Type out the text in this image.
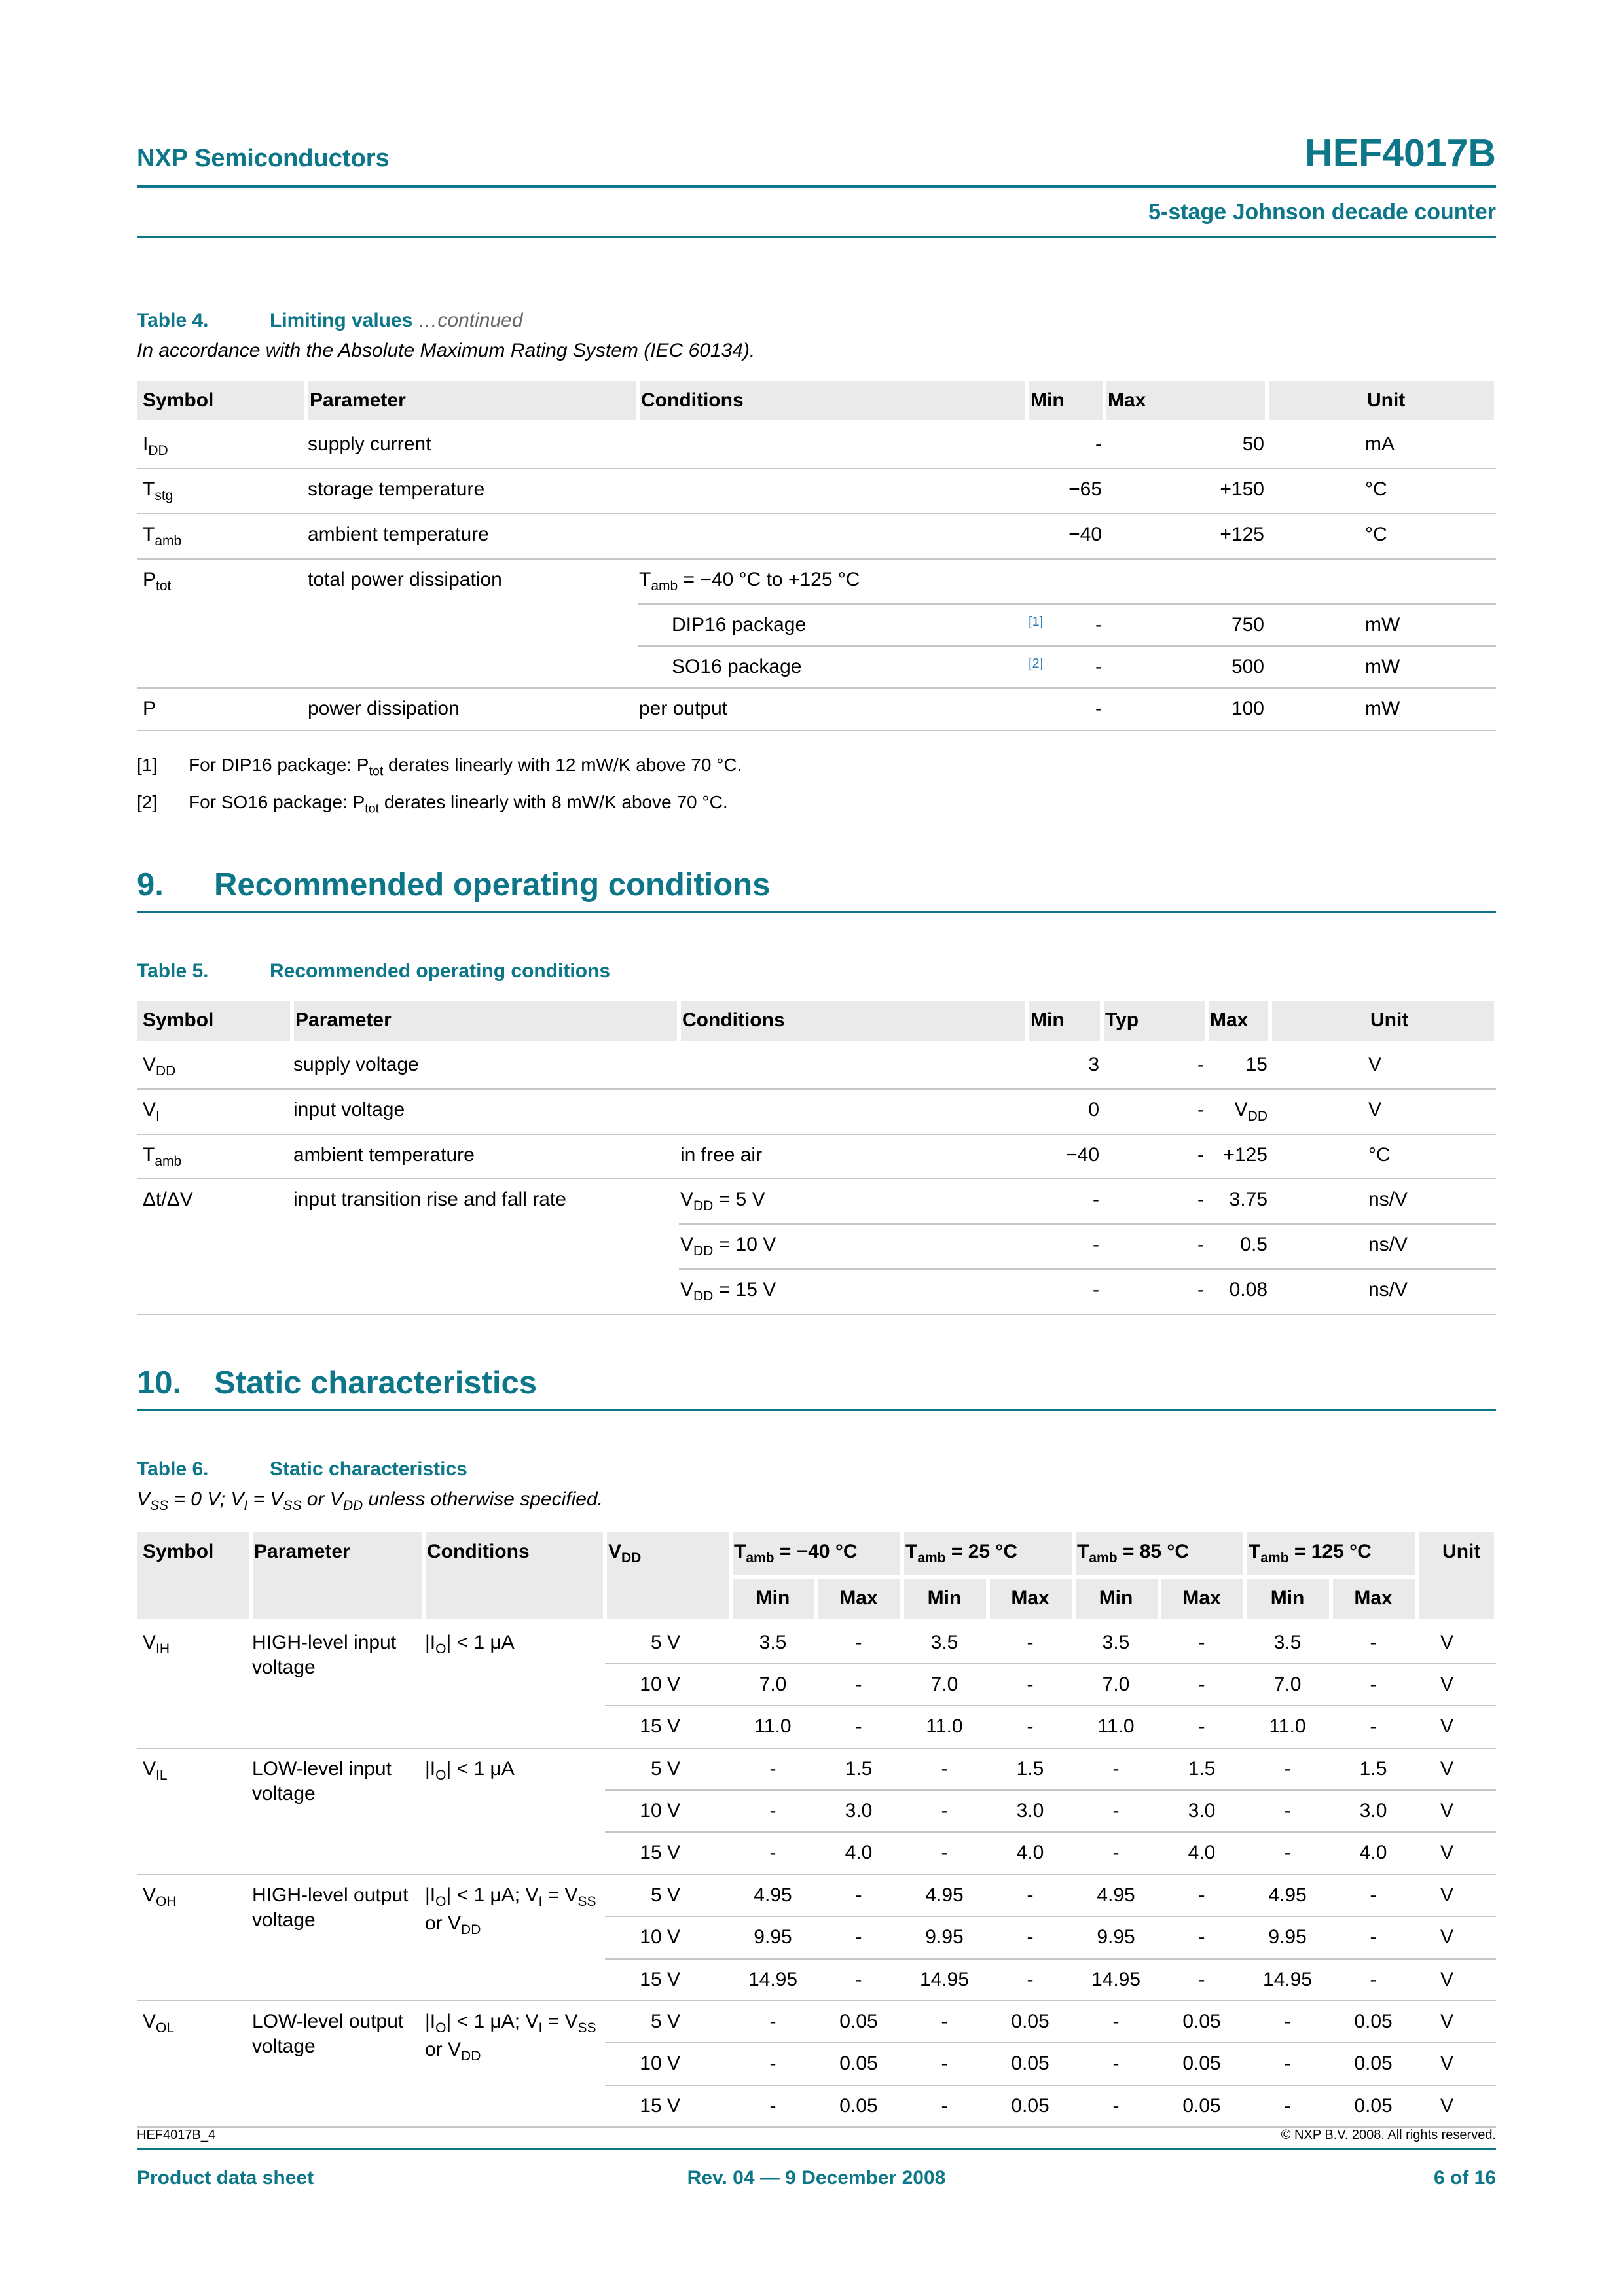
NXP Semiconductors	HEF4017B
5-stage Johnson decade counter
Table 4.	Limiting values …continued
In accordance with the Absolute Maximum Rating System (IEC 60134).
Symbol	Parameter	Conditions	Min	Max	Unit
$I_{DD}$	supply current		-	50	mA
$T_{stg}$	storage temperature		−65	+150	°C
$T_{amb}$	ambient temperature		−40	+125	°C
$P_{tot}$	total power dissipation	$T_{amb} = -40$ °C to +125 °C			
		DIP16 package	[1] -	750	mW
		SO16 package	[2] -	500	mW
P	power dissipation	per output	-	100	mW
[1] For DIP16 package: $P_{tot}$ derates linearly with 12 mW/K above 70 °C.
[2] For SO16 package: $P_{tot}$ derates linearly with 8 mW/K above 70 °C.
9.	Recommended operating conditions
Table 5.	Recommended operating conditions
Symbol	Parameter	Conditions	Min	Typ	Max	Unit
$V_{DD}$	supply voltage		3	-	15	V
$V_I$	input voltage		0	-	$V_{DD}$	V
$T_{amb}$	ambient temperature	in free air	−40	-	+125	°C
Δt/ΔV	input transition rise and fall rate	$V_{DD} = 5$ V	-	-	3.75	ns/V
		$V_{DD} = 10$ V	-	-	0.5	ns/V
		$V_{DD} = 15$ V	-	-	0.08	ns/V
10.	Static characteristics
Table 6.	Static characteristics
$V_{SS} = 0$ V; $V_I = V_{SS}$ or $V_{DD}$ unless otherwise specified.
Symbol	Parameter	Conditions	$V_{DD}$	$T_{amb} = -40$ °C		$T_{amb} = 25$ °C		$T_{amb} = 85$ °C		$T_{amb} = 125$ °C		Unit
				Min	Max	Min	Max	Min	Max	Min	Max	
$V_{IH}$	HIGH-level input voltage	$|I_O| < 1$ μA	5 V	3.5	-	3.5	-	3.5	-	3.5	-	V
			10 V	7.0	-	7.0	-	7.0	-	7.0	-	V
			15 V	11.0	-	11.0	-	11.0	-	11.0	-	V
$V_{IL}$	LOW-level input voltage	$|I_O| < 1$ μA	5 V	-	1.5	-	1.5	-	1.5	-	1.5	V
			10 V	-	3.0	-	3.0	-	3.0	-	3.0	V
			15 V	-	4.0	-	4.0	-	4.0	-	4.0	V
$V_{OH}$	HIGH-level output voltage	$|I_O| < 1$ μA; $V_I = V_{SS}$ or $V_{DD}$	5 V	4.95	-	4.95	-	4.95	-	4.95	-	V
			10 V	9.95	-	9.95	-	9.95	-	9.95	-	V
			15 V	14.95	-	14.95	-	14.95	-	14.95	-	V
$V_{OL}$	LOW-level output voltage	$|I_O| < 1$ μA; $V_I = V_{SS}$ or $V_{DD}$	5 V	-	0.05	-	0.05	-	0.05	-	0.05	V
			10 V	-	0.05	-	0.05	-	0.05	-	0.05	V
			15 V	-	0.05	-	0.05	-	0.05	-	0.05	V
HEF4017B_4	© NXP B.V. 2008. All rights reserved.
Product data sheet	Rev. 04 — 9 December 2008	6 of 16
